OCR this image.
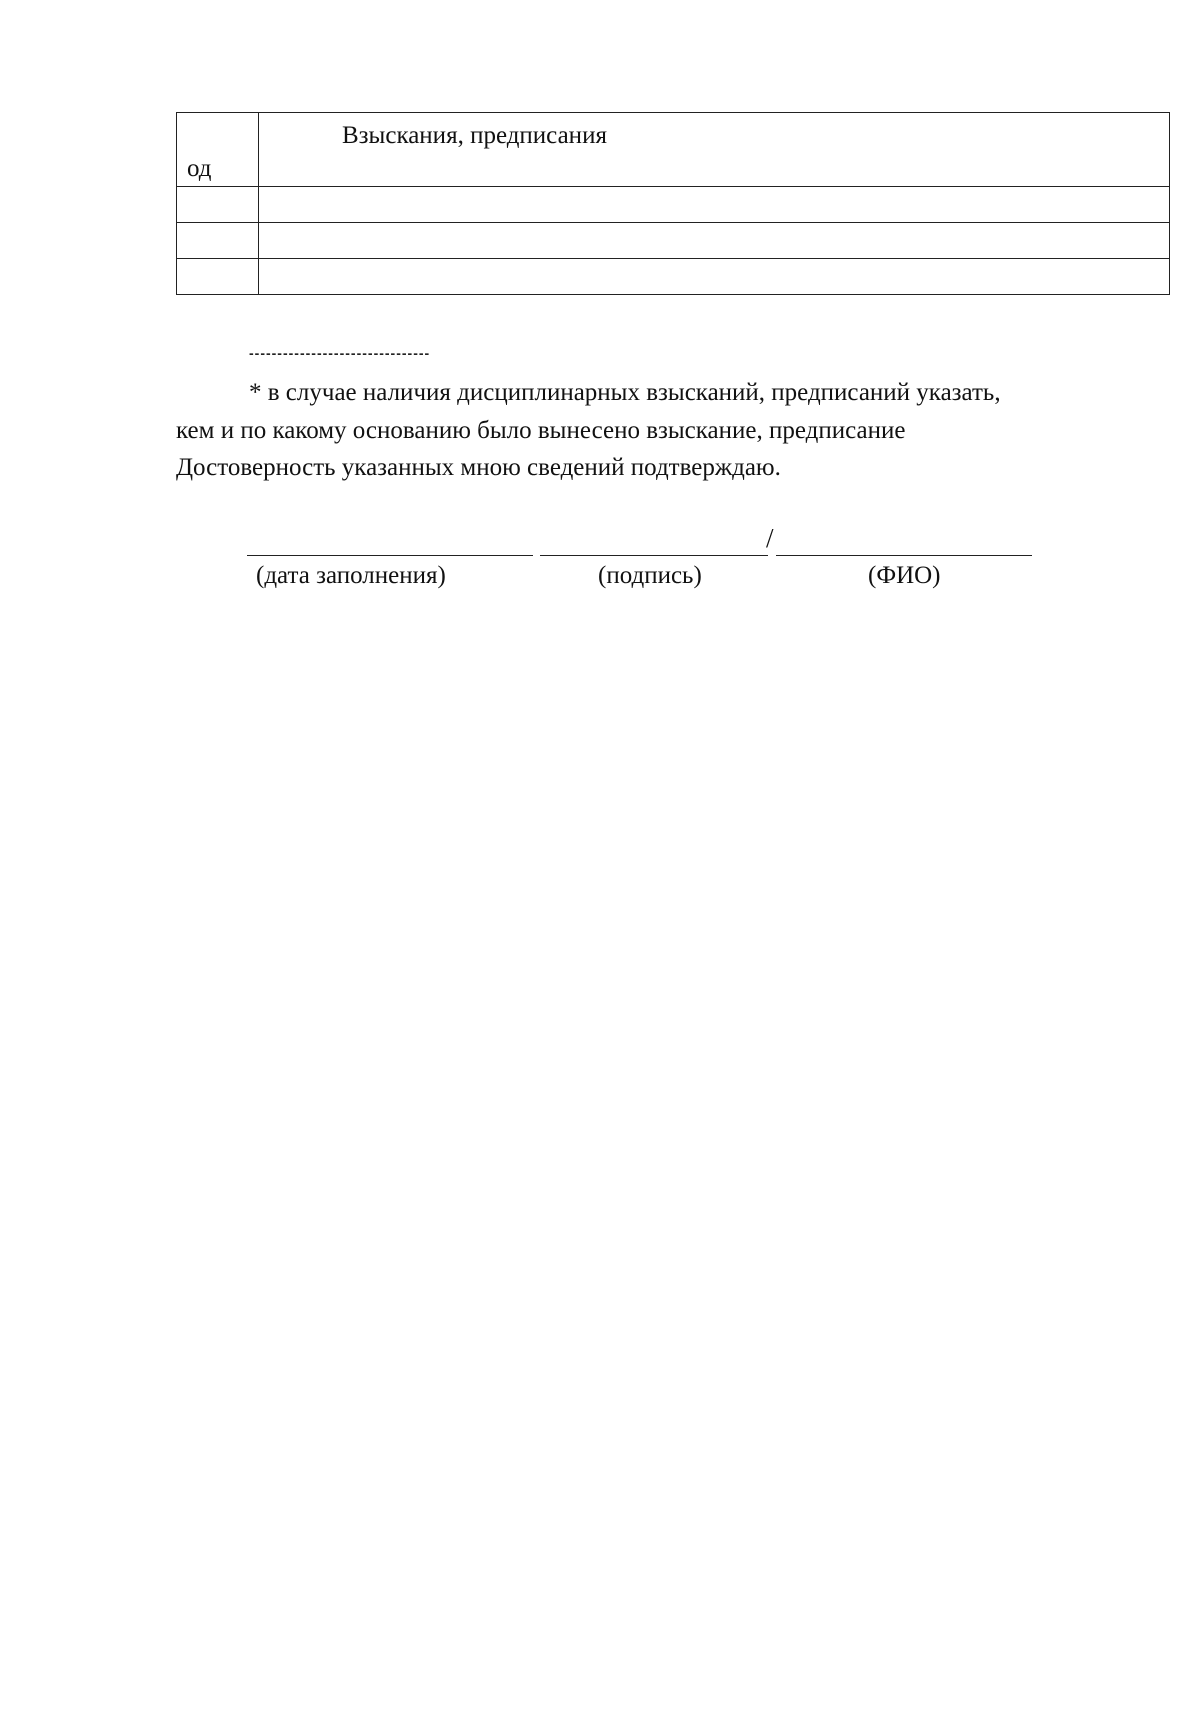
од	Взыскания, предписания

--------------------------------

* в случае наличия дисциплинарных взысканий, предписаний указать,

кем и по какому основанию было вынесено взыскание, предписание

Достоверность указанных мною сведений подтверждаю.

/
(дата заполнения)	(подпись)	(ФИО)
